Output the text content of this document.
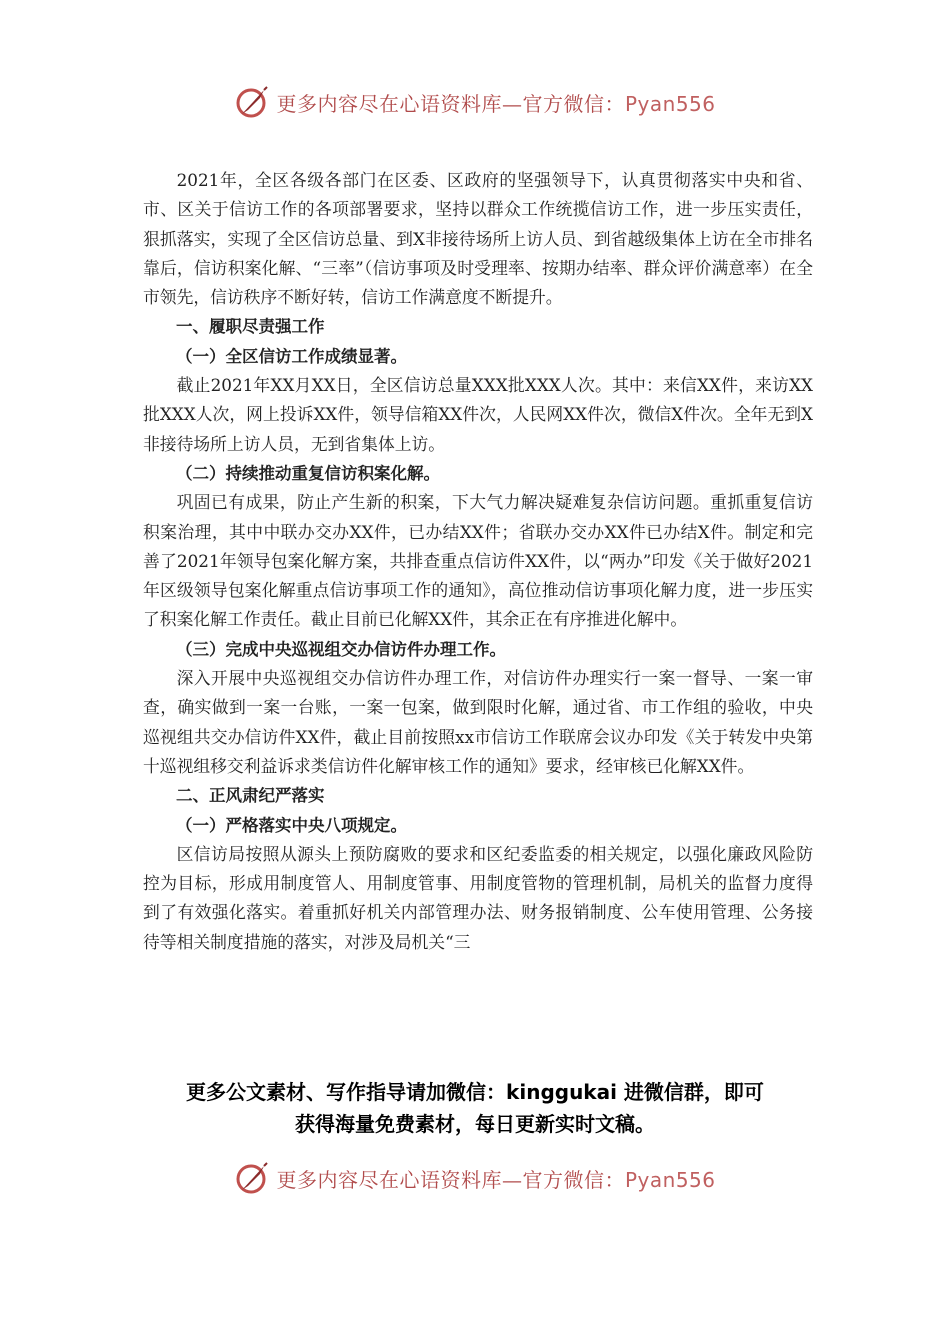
更多内容尽在心语资料库—官方微信：Pyan556

2021年，全区各级各部门在区委、区政府的坚强领导下，认真贯彻落实中央和省、市、区关于信访工作的各项部署要求，坚持以群众工作统揽信访工作，进一步压实责任，狠抓落实，实现了全区信访总量、到X非接待场所上访人员、到省越级集体上访在全市排名靠后，信访积案化解、“三率”（信访事项及时受理率、按期办结率、群众评价满意率）在全市领先，信访秩序不断好转，信访工作满意度不断提升。

一、履职尽责强工作

（一）全区信访工作成绩显著。

截止2021年XX月XX日，全区信访总量XXX批XXX人次。其中：来信XX件，来访XX批XXX人次，网上投诉XX件，领导信箱XX件次，人民网XX件次，微信X件次。全年无到X非接待场所上访人员，无到省集体上访。

（二）持续推动重复信访积案化解。

巩固已有成果，防止产生新的积案，下大气力解决疑难复杂信访问题。重抓重复信访积案治理，其中中联办交办XX件，已办结XX件；省联办交办XX件已办结X件。制定和完善了2021年领导包案化解方案，共排查重点信访件XX件，以“两办”印发《关于做好2021年区级领导包案化解重点信访事项工作的通知》，高位推动信访事项化解力度，进一步压实了积案化解工作责任。截止目前已化解XX件，其余正在有序推进化解中。

（三）完成中央巡视组交办信访件办理工作。

深入开展中央巡视组交办信访件办理工作，对信访件办理实行一案一督导、一案一审查，确实做到一案一台账，一案一包案，做到限时化解，通过省、市工作组的验收，中央巡视组共交办信访件XX件，截止目前按照xx市信访工作联席会议办印发《关于转发中央第十巡视组移交利益诉求类信访件化解审核工作的通知》要求，经审核已化解XX件。

二、正风肃纪严落实

（一）严格落实中央八项规定。

区信访局按照从源头上预防腐败的要求和区纪委监委的相关规定，以强化廉政风险防控为目标，形成用制度管人、用制度管事、用制度管物的管理机制，局机关的监督力度得到了有效强化落实。着重抓好机关内部管理办法、财务报销制度、公车使用管理、公务接待等相关制度措施的落实，对涉及局机关“三

更多公文素材、写作指导请加微信：kinggukai 进微信群，即可
获得海量免费素材，每日更新实时文稿。
更多内容尽在心语资料库—官方微信：Pyan556
